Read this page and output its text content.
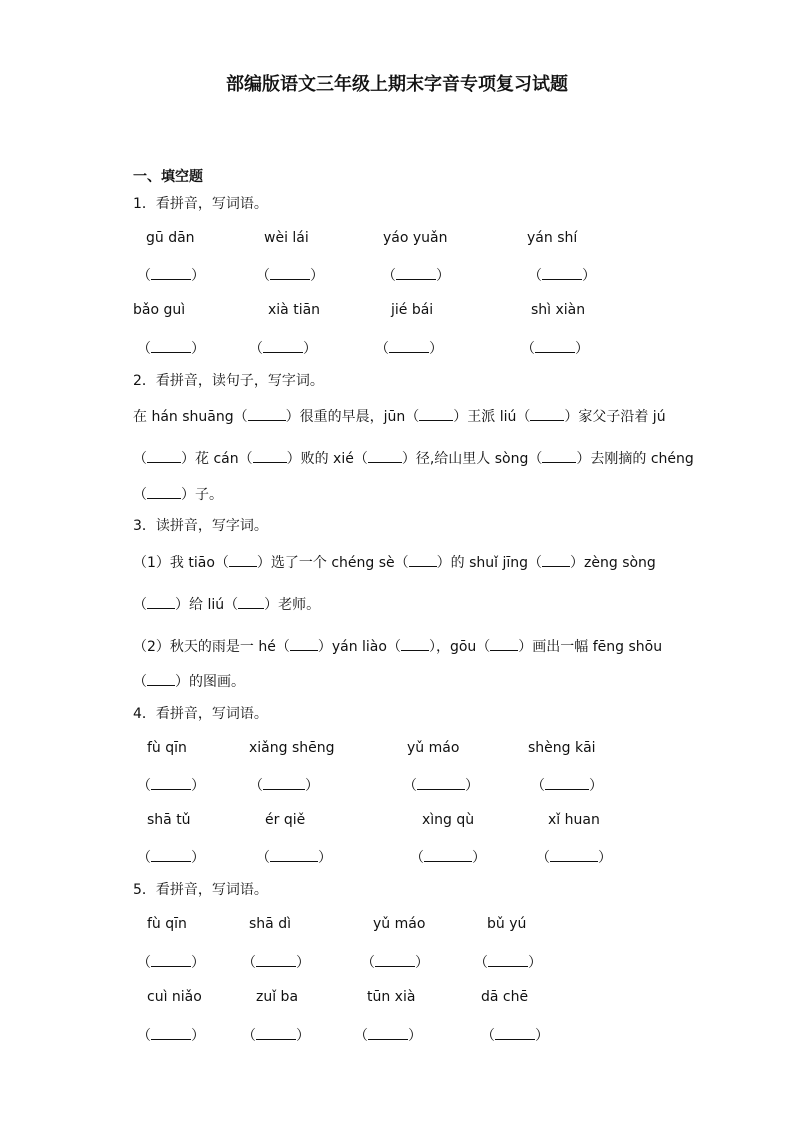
部编版语文三年级上期末字音专项复习试题
一、填空题
1．看拼音，写词语。
gū dān	wèi lái	yáo yuǎn	yán shí
（	）	（	）	（	）	（	）
bǎo guì	xià tiān	jié bái	shì xiàn
（	）	（	）	（	）	（	）
2．看拼音，读句子，写字词。
在 hán shuāng（	）很重的早晨，jūn（ ）王派 liú（ ）家父子沿着 jú
（ ）花 cán（ ）败的 xié（ ）径,给山里人 sòng（ ）去刚摘的 chéng
（ ）子。
3．读拼音，写字词。
（1）我 tiāo（ ）选了一个 chéng sè（ ）的 shuǐ jīng（ ）zèng sòng
（ ）给 liú（ ）老师。
（2）秋天的雨是一 hé（ ）yán liào（ ），gōu（ ）画出一幅 fēng shōu
（ ）的图画。
4．看拼音，写词语。
fù qīn	xiǎng shēng	yǔ máo	shèng kāi
（	）	（	）	（	）	（	）
shā tǔ	ér qiě	xìng qù	xǐ huan
（	）	（	）	（	）	（	）
5．看拼音，写词语。
fù qīn	shā dì	yǔ máo	bǔ yú
（	）	（	）	（	）	（	）
cuì niǎo	zuǐ ba	tūn xià	dā chē
（	）	（	）	（	）	（	）
